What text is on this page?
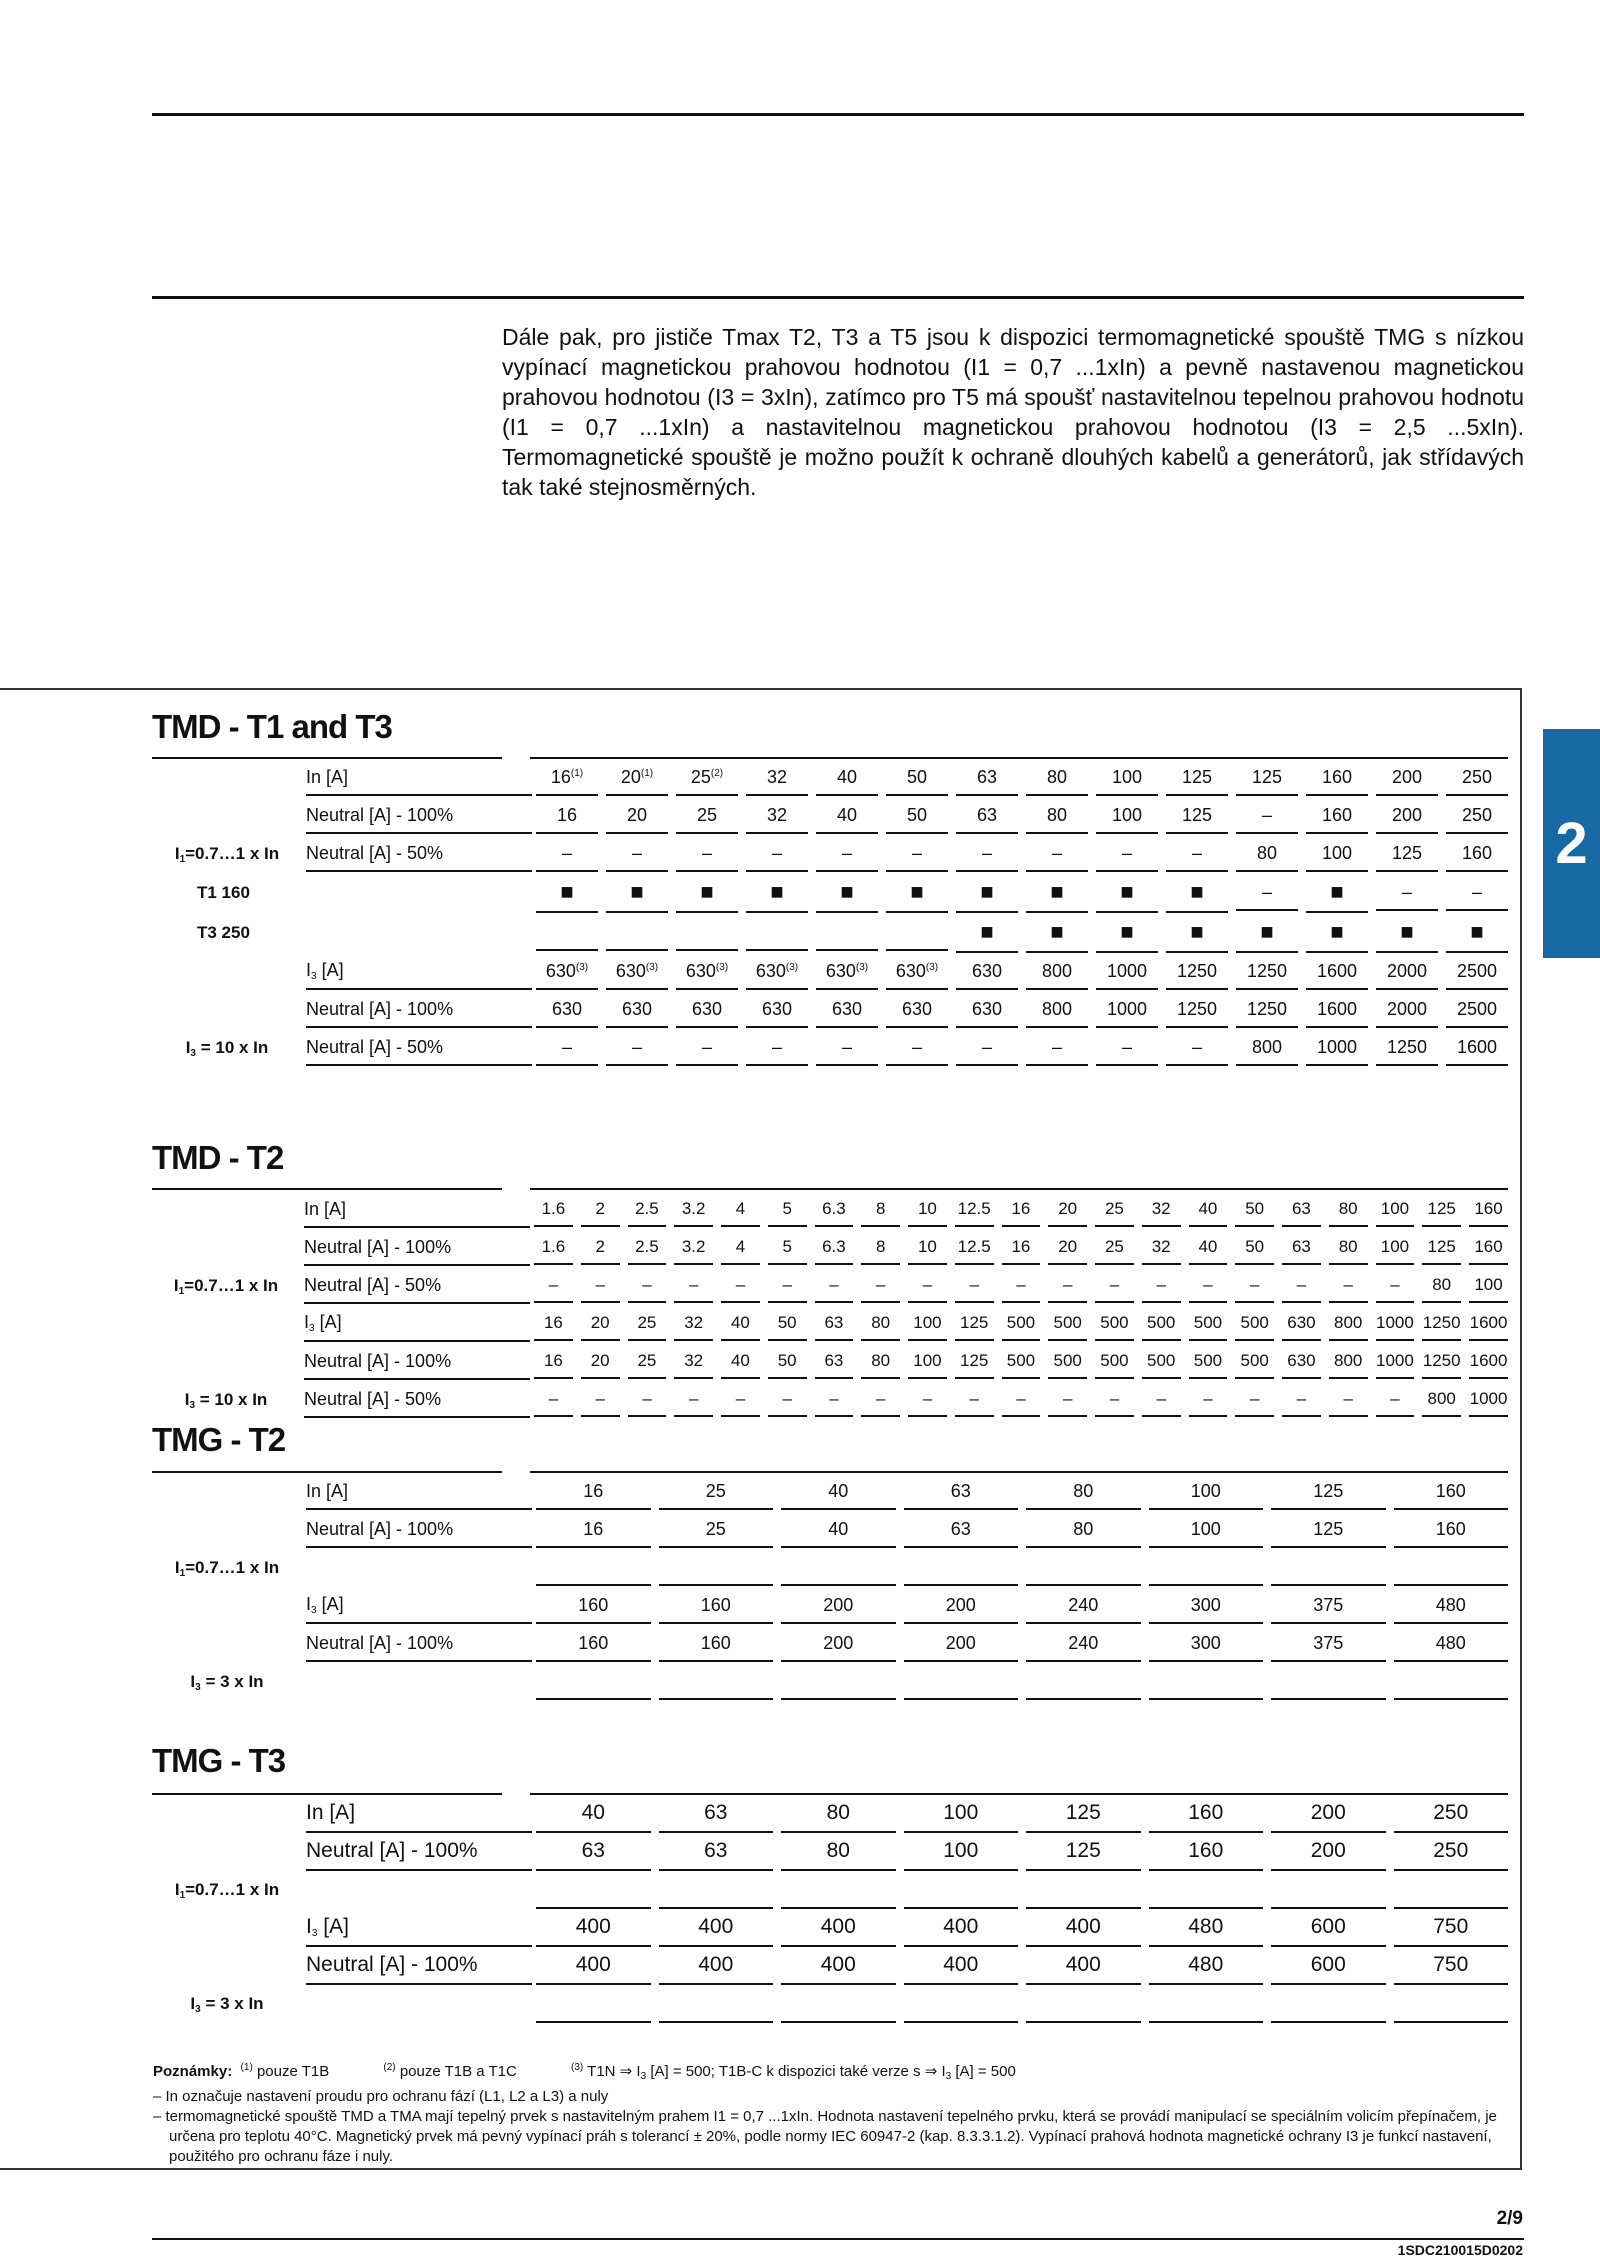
Dále pak, pro jističe Tmax T2, T3 a T5 jsou k dispozici termomagnetické spouště TMG s nízkou vypínací magnetickou prahovou hodnotou (I1 = 0,7 ...1xIn) a pevně nastavenou magnetickou prahovou hodnotou (I3 = 3xIn), zatímco pro T5 má spoušť nastavitelnou tepelnou prahovou hodnotu (I1 = 0,7 ...1xIn) a nastavitelnou magnetickou prahovou hodnotou (I3 = 2,5 ...5xIn). Termomagnetické spouště je možno použít k ochraně dlouhých kabelů a generátorů, jak střídavých tak také stejnosměrných.

2
TMD - T1 and T3

	In [A]	16$^{(1)}$	20$^{(1)}$	25$^{(2)}$	32	40	50	63	80	100	125	125	160	200	250

	Neutral [A] - 100%	16	20	25	32	40	50	63	80	100	125	–	160	200	250

$I_1=0.7\dots 1$ x In	Neutral [A] - 50%	–	–	–	–	–	–	–	–	–	–	80	100	125	160

T1 160		■	■	■	■	■	■	■	■	■	■	–	■	–	–

T3 250								■	■	■	■	■	■	■	■

	$I_3$ [A]	630$^{(3)}$	630$^{(3)}$	630$^{(3)}$	630$^{(3)}$	630$^{(3)}$	630$^{(3)}$	630	800	1000	1250	1250	1600	2000	2500

	Neutral [A] - 100%	630	630	630	630	630	630	630	800	1000	1250	1250	1600	2000	2500

$I_3 = 10$ x In	Neutral [A] - 50%	–	–	–	–	–	–	–	–	–	–	800	1000	1250	1600
TMD - T2

	In [A]	1.6	2	2.5	3.2	4	5	6.3	8	10	12.5	16	20	25	32	40	50	63	80	100	125	160

	Neutral [A] - 100%	1.6	2	2.5	3.2	4	5	6.3	8	10	12.5	16	20	25	32	40	50	63	80	100	125	160

$I_1=0.7\dots 1$ x In	Neutral [A] - 50%	–	–	–	–	–	–	–	–	–	–	–	–	–	–	–	–	–	–	–	80	100

	$I_3$ [A]	16	20	25	32	40	50	63	80	100	125	500	500	500	500	500	500	630	800	1000	1250	1600

	Neutral [A] - 100%	16	20	25	32	40	50	63	80	100	125	500	500	500	500	500	500	630	800	1000	1250	1600

$I_3 = 10$ x In	Neutral [A] - 50%	–	–	–	–	–	–	–	–	–	–	–	–	–	–	–	–	–	–	–	800	1000
TMG - T2

	In [A]	16	25	40	63	80	100	125	160

	Neutral [A] - 100%	16	25	40	63	80	100	125	160

$I_1=0.7\dots 1$ x In		

	$I_3$ [A]	160	160	200	200	240	300	375	480

	Neutral [A] - 100%	160	160	200	200	240	300	375	480

$I_3 = 3$ x In		

TMG - T3

	In [A]	40	63	80	100	125	160	200	250

	Neutral [A] - 100%	63	63	80	100	125	160	200	250

$I_1=0.7\dots 1$ x In		

	$I_3$ [A]	400	400	400	400	400	480	600	750

	Neutral [A] - 100%	400	400	400	400	400	480	600	750

$I_3 = 3$ x In		

Poznámky: $^{(1)}$ pouze T1B	$^{(2)}$ pouze T1B a T1C	$^{(3)}$ T1N ⇒ $I_3$ [A] = 500; T1B-C k dispozici také verze s ⇒ $I_3$ [A] = 500

– In označuje nastavení proudu pro ochranu fází (L1, L2 a L3) a nuly

– termomagnetické spouště TMD a TMA mají tepelný prvek s nastavitelným prahem I1 = 0,7 ...1xIn. Hodnota nastavení tepelného prvku, která se provádí manipulací se speciálním volicím přepínačem, je určena pro teplotu 40°C. Magnetický prvek má pevný vypínací práh s tolerancí ± 20%, podle normy IEC 60947-2 (kap. 8.3.3.1.2). Vypínací prahová hodnota magnetické ochrany I3 je funkcí nastavení, použitého pro ochranu fáze i nuly.

2/9
1SDC210015D0202
